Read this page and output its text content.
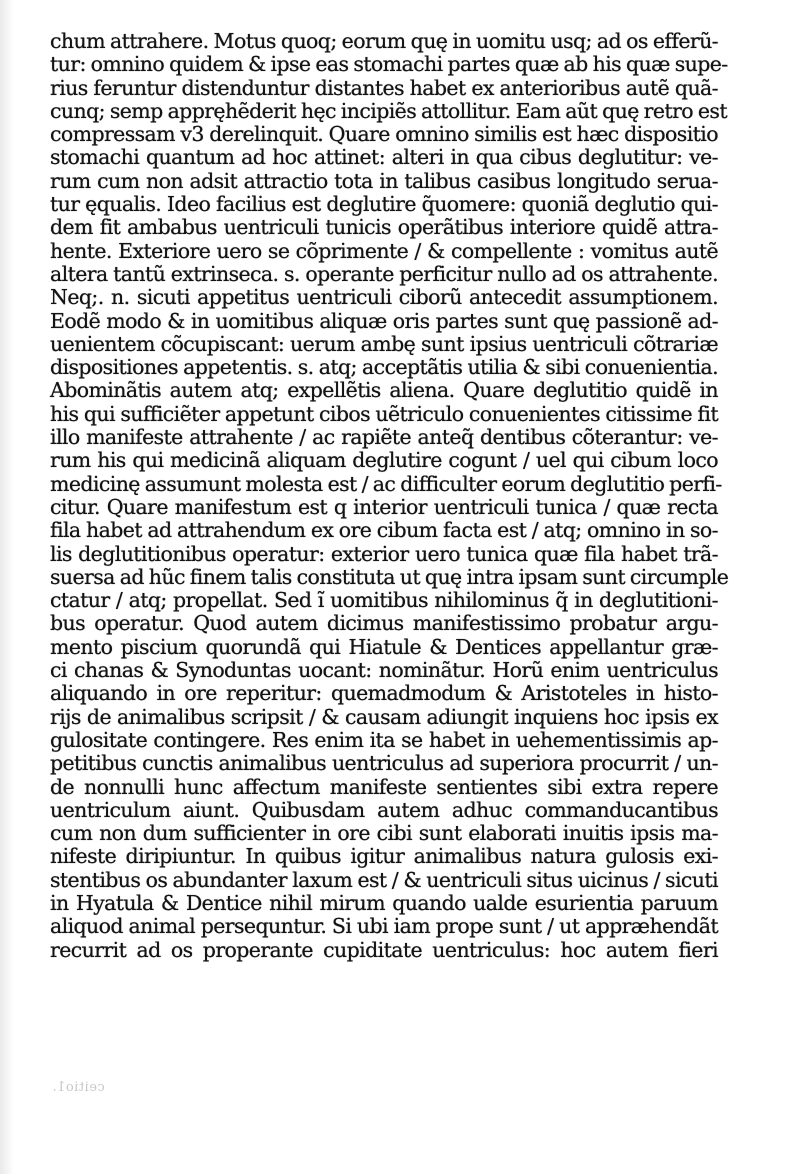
chum attrahere. Motus quoq; eorum quę in uomitu usq; ad os efferũ-
tur: omnino quidem & ipse eas stomachi partes quæ ab his quæ supe-
rius feruntur distenduntur distantes habet ex anterioribus autẽ quã-
cunq; semp appręhẽderit hęc incipiẽs attollitur. Eam aũt quę retro est
compressam v3 derelinquit. Quare omnino similis est hæc dispositio
stomachi quantum ad hoc attinet: alteri in qua cibus deglutitur: ve-
rum cum non adsit attractio tota in talibus casibus longitudo serua-
tur ęqualis. Ideo facilius est deglutire q̃uomere: quoniã deglutio qui-
dem fit ambabus uentriculi tunicis operãtibus interiore quidẽ attra-
hente. Exteriore uero se cõprimente / & compellente : vomitus autẽ
altera tantũ extrinseca. s. operante perficitur nullo ad os attrahente.
Neq;. n. sicuti appetitus uentriculi ciborũ antecedit assumptionem.
Eodẽ modo & in uomitibus aliquæ oris partes sunt quę passionẽ ad-
uenientem cõcupiscant: uerum ambę sunt ipsius uentriculi cõtrariæ
dispositiones appetentis. s. atq; acceptãtis utilia & sibi conuenientia.
Abominãtis autem atq; expellẽtis aliena. Quare deglutitio quidẽ in
his qui sufficiẽter appetunt cibos uẽtriculo conuenientes citissime fit
illo manifeste attrahente / ac rapiẽte anteq̃ dentibus cõterantur: ve-
rum his qui medicinã aliquam deglutire cogunt / uel qui cibum loco
medicinę assumunt molesta est / ac difficulter eorum deglutitio perfi-
citur. Quare manifestum est q interior uentriculi tunica / quæ recta
fila habet ad attrahendum ex ore cibum facta est / atq; omnino in so-
lis deglutitionibus operatur: exterior uero tunica quæ fila habet trã-
suersa ad hũc finem talis constituta ut quę intra ipsam sunt circumple
ctatur / atq; propellat. Sed ĩ uomitibus nihilominus q̃ in deglutitioni-
bus operatur. Quod autem dicimus manifestissimo probatur argu-
mento piscium quorundã qui Hiatule & Dentices appellantur græ-
ci chanas & Synoduntas uocant: nominãtur. Horũ enim uentriculus
aliquando in ore reperitur: quemadmodum & Aristoteles in histo-
rijs de animalibus scripsit / & causam adiungit inquiens hoc ipsis ex
gulositate contingere. Res enim ita se habet in uehementissimis ap-
petitibus cunctis animalibus uentriculus ad superiora procurrit / un-
de nonnulli hunc affectum manifeste sentientes sibi extra repere
uentriculum aiunt. Quibusdam autem adhuc commanducantibus
cum non dum sufficienter in ore cibi sunt elaborati inuitis ipsis ma-
nifeste diripiuntur. In quibus igitur animalibus natura gulosis exi-
stentibus os abundanter laxum est / & uentriculi situs uicinus / sicuti
in Hyatula & Dentice nihil mirum quando ualde esurientia paruum
aliquod animal persequntur. Si ubi iam prope sunt / ut appræhendãt
recurrit ad os properante cupiditate uentriculus: hoc autem fieri
ceitio1.
